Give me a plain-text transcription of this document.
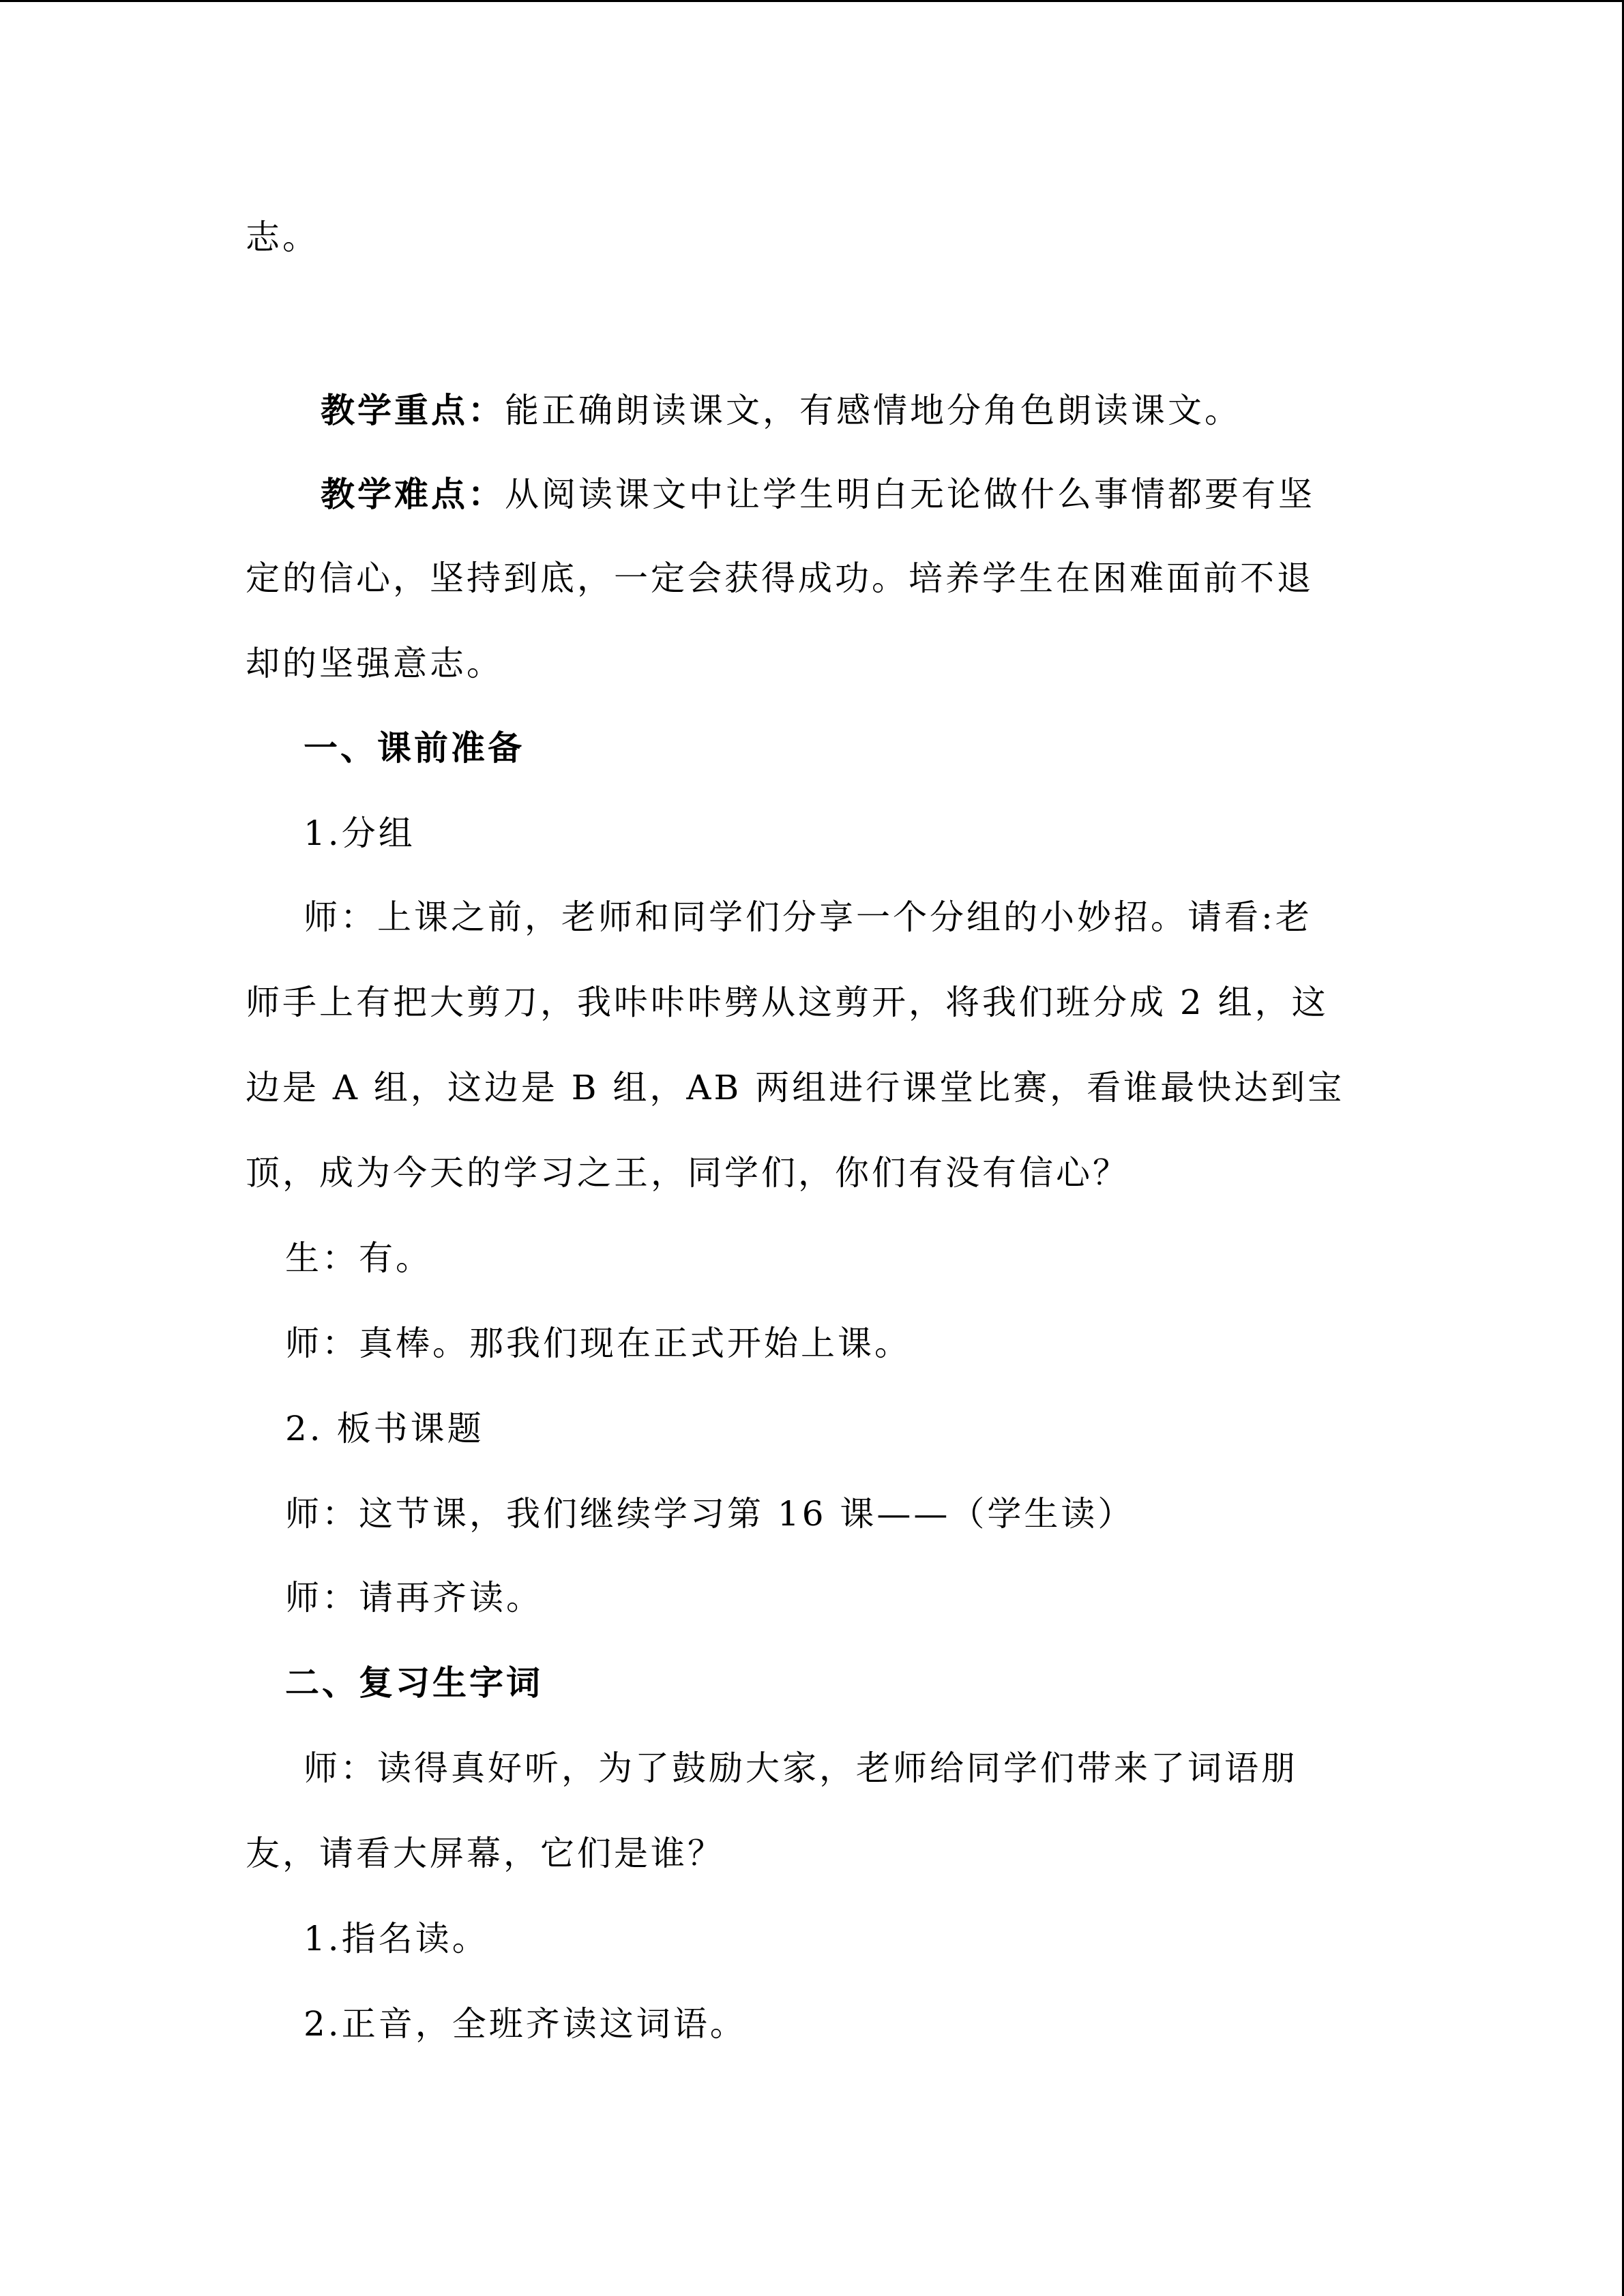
志。
教学重点：能正确朗读课文，有感情地分角色朗读课文。
教学难点：从阅读课文中让学生明白无论做什么事情都要有坚
定的信心，坚持到底，一定会获得成功。培养学生在困难面前不退
却的坚强意志。
一、课前准备
1.分组
师：上课之前，老师和同学们分享一个分组的小妙招。请看:老
师手上有把大剪刀，我咔咔咔劈从这剪开，将我们班分成 2 组，这
边是 A 组，这边是 B 组，AB 两组进行课堂比赛，看谁最快达到宝
顶，成为今天的学习之王，同学们，你们有没有信心？
生：有。
师：真棒。那我们现在正式开始上课。
2. 板书课题
师：这节课，我们继续学习第 16 课——（学生读）
师：请再齐读。
二、复习生字词
师：读得真好听，为了鼓励大家，老师给同学们带来了词语朋
友，请看大屏幕，它们是谁？
1.指名读。
2.正音，全班齐读这词语。
